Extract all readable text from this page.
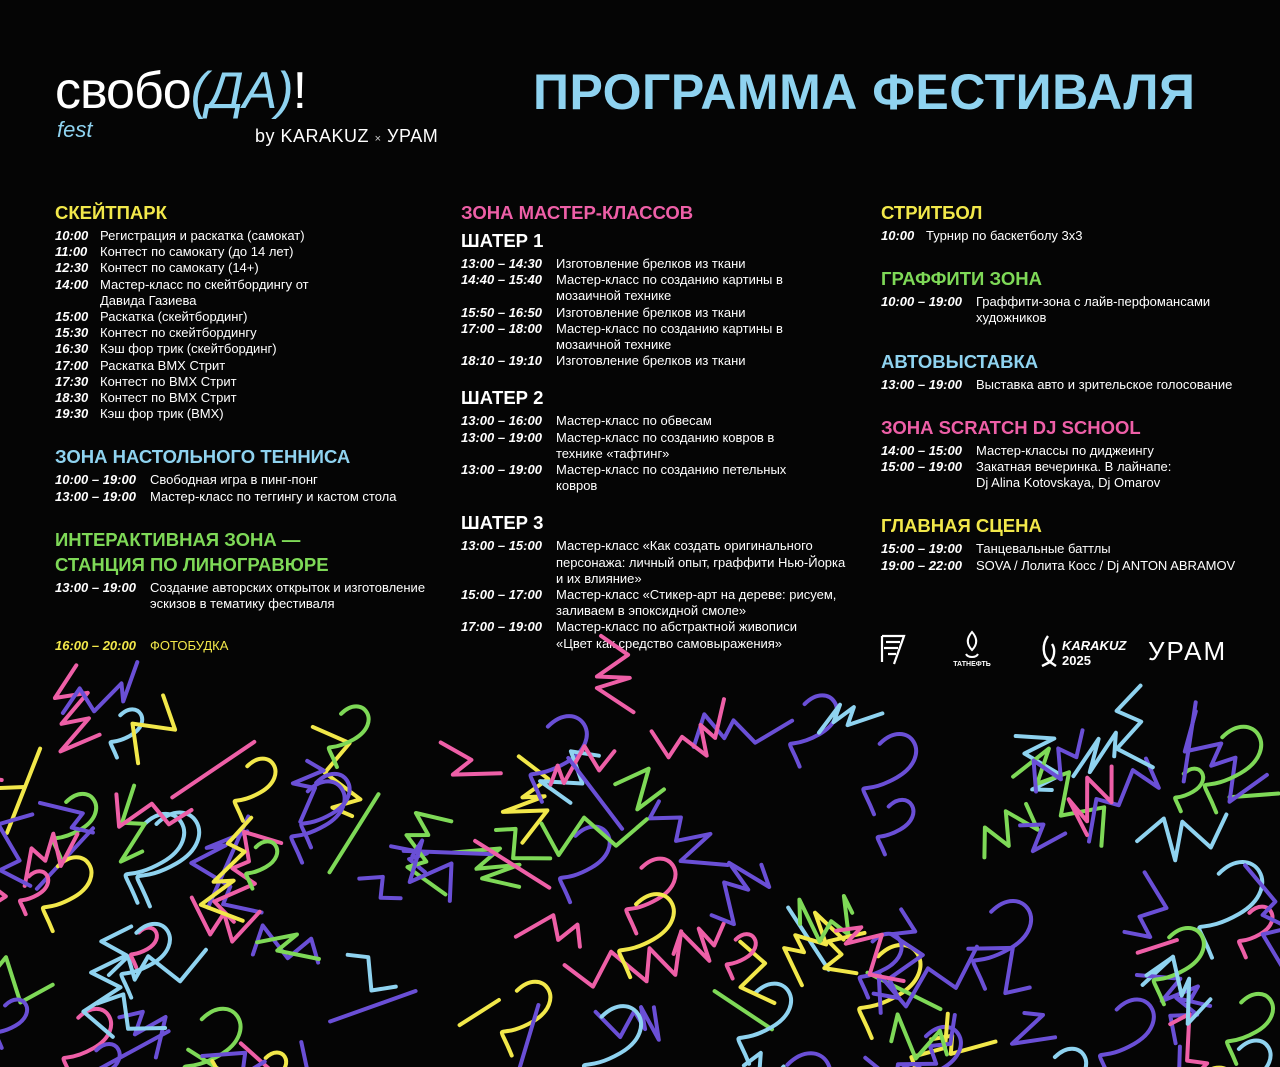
свобо(ДА)!
fest	by KARAKUZ × УРАМ
ПРОГРАММА ФЕСТИВАЛЯ
СКЕЙТПАРК
10:00 Регистрация и раскатка (самокат)
11:00 Контест по самокату (до 14 лет)
12:30 Контест по самокату (14+)
14:00 Мастер-класс по скейтбордингу от Давида Газиева
15:00 Раскатка (скейтбординг)
15:30 Контест по скейтбордингу
16:30 Кэш фор трик (скейтбординг)
17:00 Раскатка BMX Стрит
17:30 Контест по BMX Стрит
18:30 Контест по BMX Стрит
19:30 Кэш фор трик (BMX)
ЗОНА НАСТОЛЬНОГО ТЕННИСА
10:00 – 19:00	Свободная игра в пинг-понг
13:00 – 19:00	Мастер-класс по теггингу и кастом стола
ИНТЕРАКТИВНАЯ ЗОНА —
СТАНЦИЯ ПО ЛИНОГРАВЮРЕ
13:00 – 19:00	Создание авторских открыток и изготовление эскизов в тематику фестиваля
16:00 – 20:00	ФОТОБУДКА
ЗОНА МАСТЕР-КЛАССОВ
ШАТЕР 1
13:00 – 14:30	Изготовление брелков из ткани
14:40 – 15:40	Мастер-класс по созданию картины в мозаичной технике
15:50 – 16:50	Изготовление брелков из ткани
17:00 – 18:00	Мастер-класс по созданию картины в мозаичной технике
18:10 – 19:10	Изготовление брелков из ткани
ШАТЕР 2
13:00 – 16:00	Мастер-класс по обвесам
13:00 – 19:00	Мастер-класс по созданию ковров в технике «тафтинг»
13:00 – 19:00	Мастер-класс по созданию петельных ковров
ШАТЕР 3
13:00 – 15:00	Мастер-класс «Как создать оригинального персонажа: личный опыт, граффити Нью-Йорка и их влияние»
15:00 – 17:00	Мастер-класс «Стикер-арт на дереве: рисуем, заливаем в эпоксидной смоле»
17:00 – 19:00	Мастер-класс по абстрактной живописи «Цвет как средство самовыражения»
СТРИТБОЛ
10:00 Турнир по баскетболу 3х3
ГРАФФИТИ ЗОНА
10:00 – 19:00	Граффити-зона с лайв-перфомансами художников
АВТОВЫСТАВКА
13:00 – 19:00	Выставка авто и зрительское голосование
ЗОНА SCRATCH DJ SCHOOL
14:00 – 15:00	Мастер-классы по диджеингу
15:00 – 19:00	Закатная вечеринка. В лайнапе: Dj Alina Kotovskaya, Dj Omarov
ГЛАВНАЯ СЦЕНА
15:00 – 19:00	Танцевальные баттлы
19:00 – 22:00	SOVA / Лолита Косс / Dj ANTON ABRAMOV
ТАТНЕФТЬ
KARAKUZ
2025 УРАМ
